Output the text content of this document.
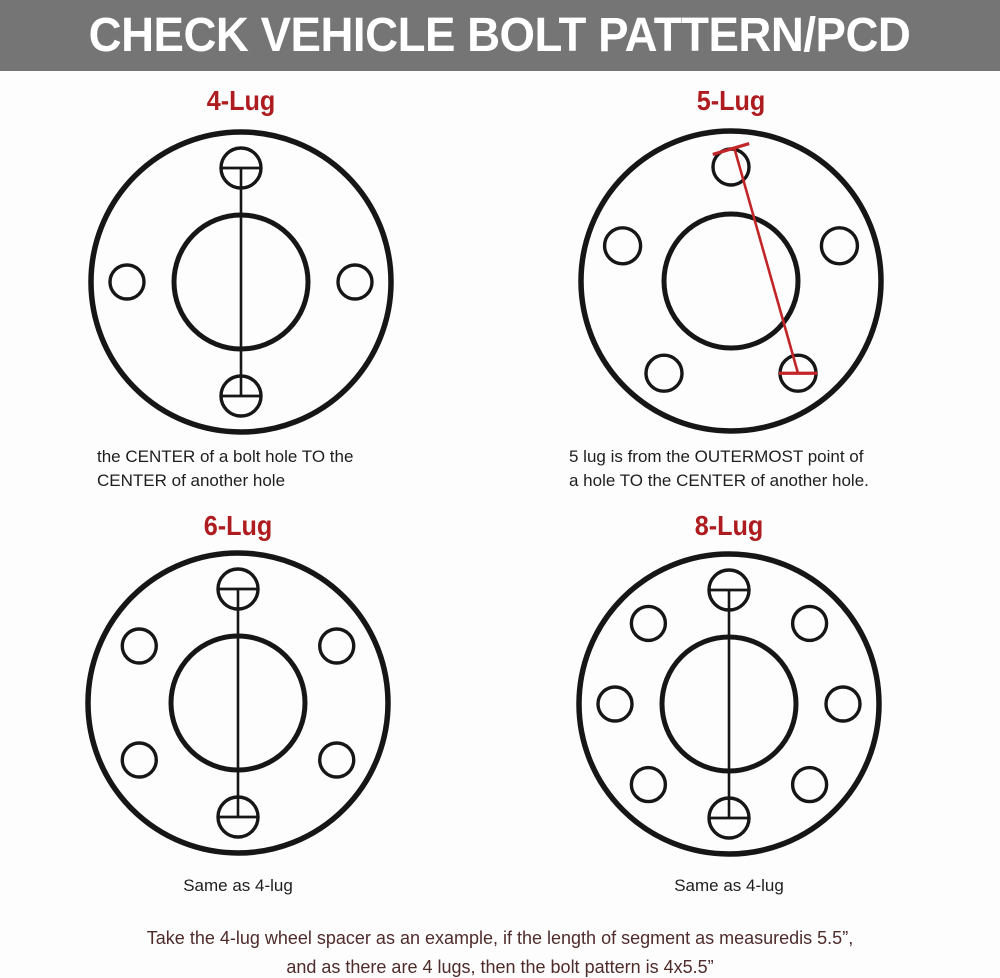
CHECK VEHICLE BOLT PATTERN/PCD
4-Lug
the CENTER of a bolt hole TO the
CENTER of another hole
5-Lug
5 lug is from the OUTERMOST point of
a hole TO the CENTER of another hole.
6-Lug
Same as 4-lug
8-Lug
Same as 4-lug
Take the 4-lug wheel spacer as an example, if the length of segment as measuredis 5.5”,
and as there are 4 lugs, then the bolt pattern is 4x5.5”
